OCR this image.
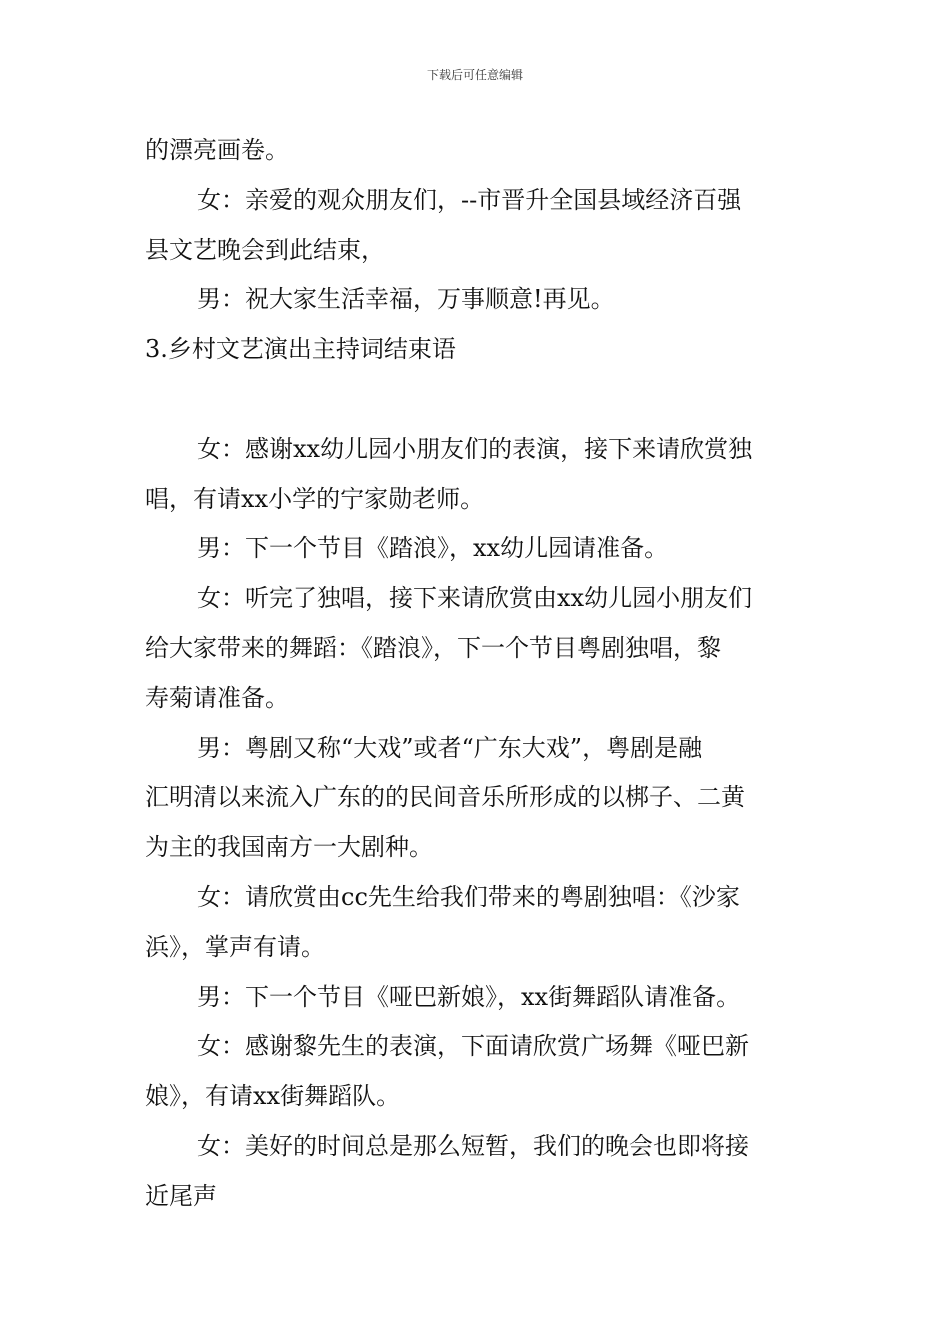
下载后可任意编辑
的漂亮画卷。
女：亲爱的观众朋友们，--市晋升全国县域经济百强
县文艺晚会到此结束，
男：祝大家生活幸福，万事顺意!再见。
3.乡村文艺演出主持词结束语
女：感谢xx幼儿园小朋友们的表演，接下来请欣赏独
唱，有请xx小学的宁家勋老师。
男：下一个节目《踏浪》，xx幼儿园请准备。
女：听完了独唱，接下来请欣赏由xx幼儿园小朋友们
给大家带来的舞蹈：《踏浪》，下一个节目粤剧独唱，黎
寿菊请准备。
男：粤剧又称“大戏”或者“广东大戏”，粤剧是融
汇明清以来流入广东的的民间音乐所形成的以梆子、二黄
为主的我国南方一大剧种。
女：请欣赏由cc先生给我们带来的粤剧独唱：《沙家
浜》，掌声有请。
男：下一个节目《哑巴新娘》，xx街舞蹈队请准备。
女：感谢黎先生的表演，下面请欣赏广场舞《哑巴新
娘》，有请xx街舞蹈队。
女：美好的时间总是那么短暂，我们的晚会也即将接
近尾声
